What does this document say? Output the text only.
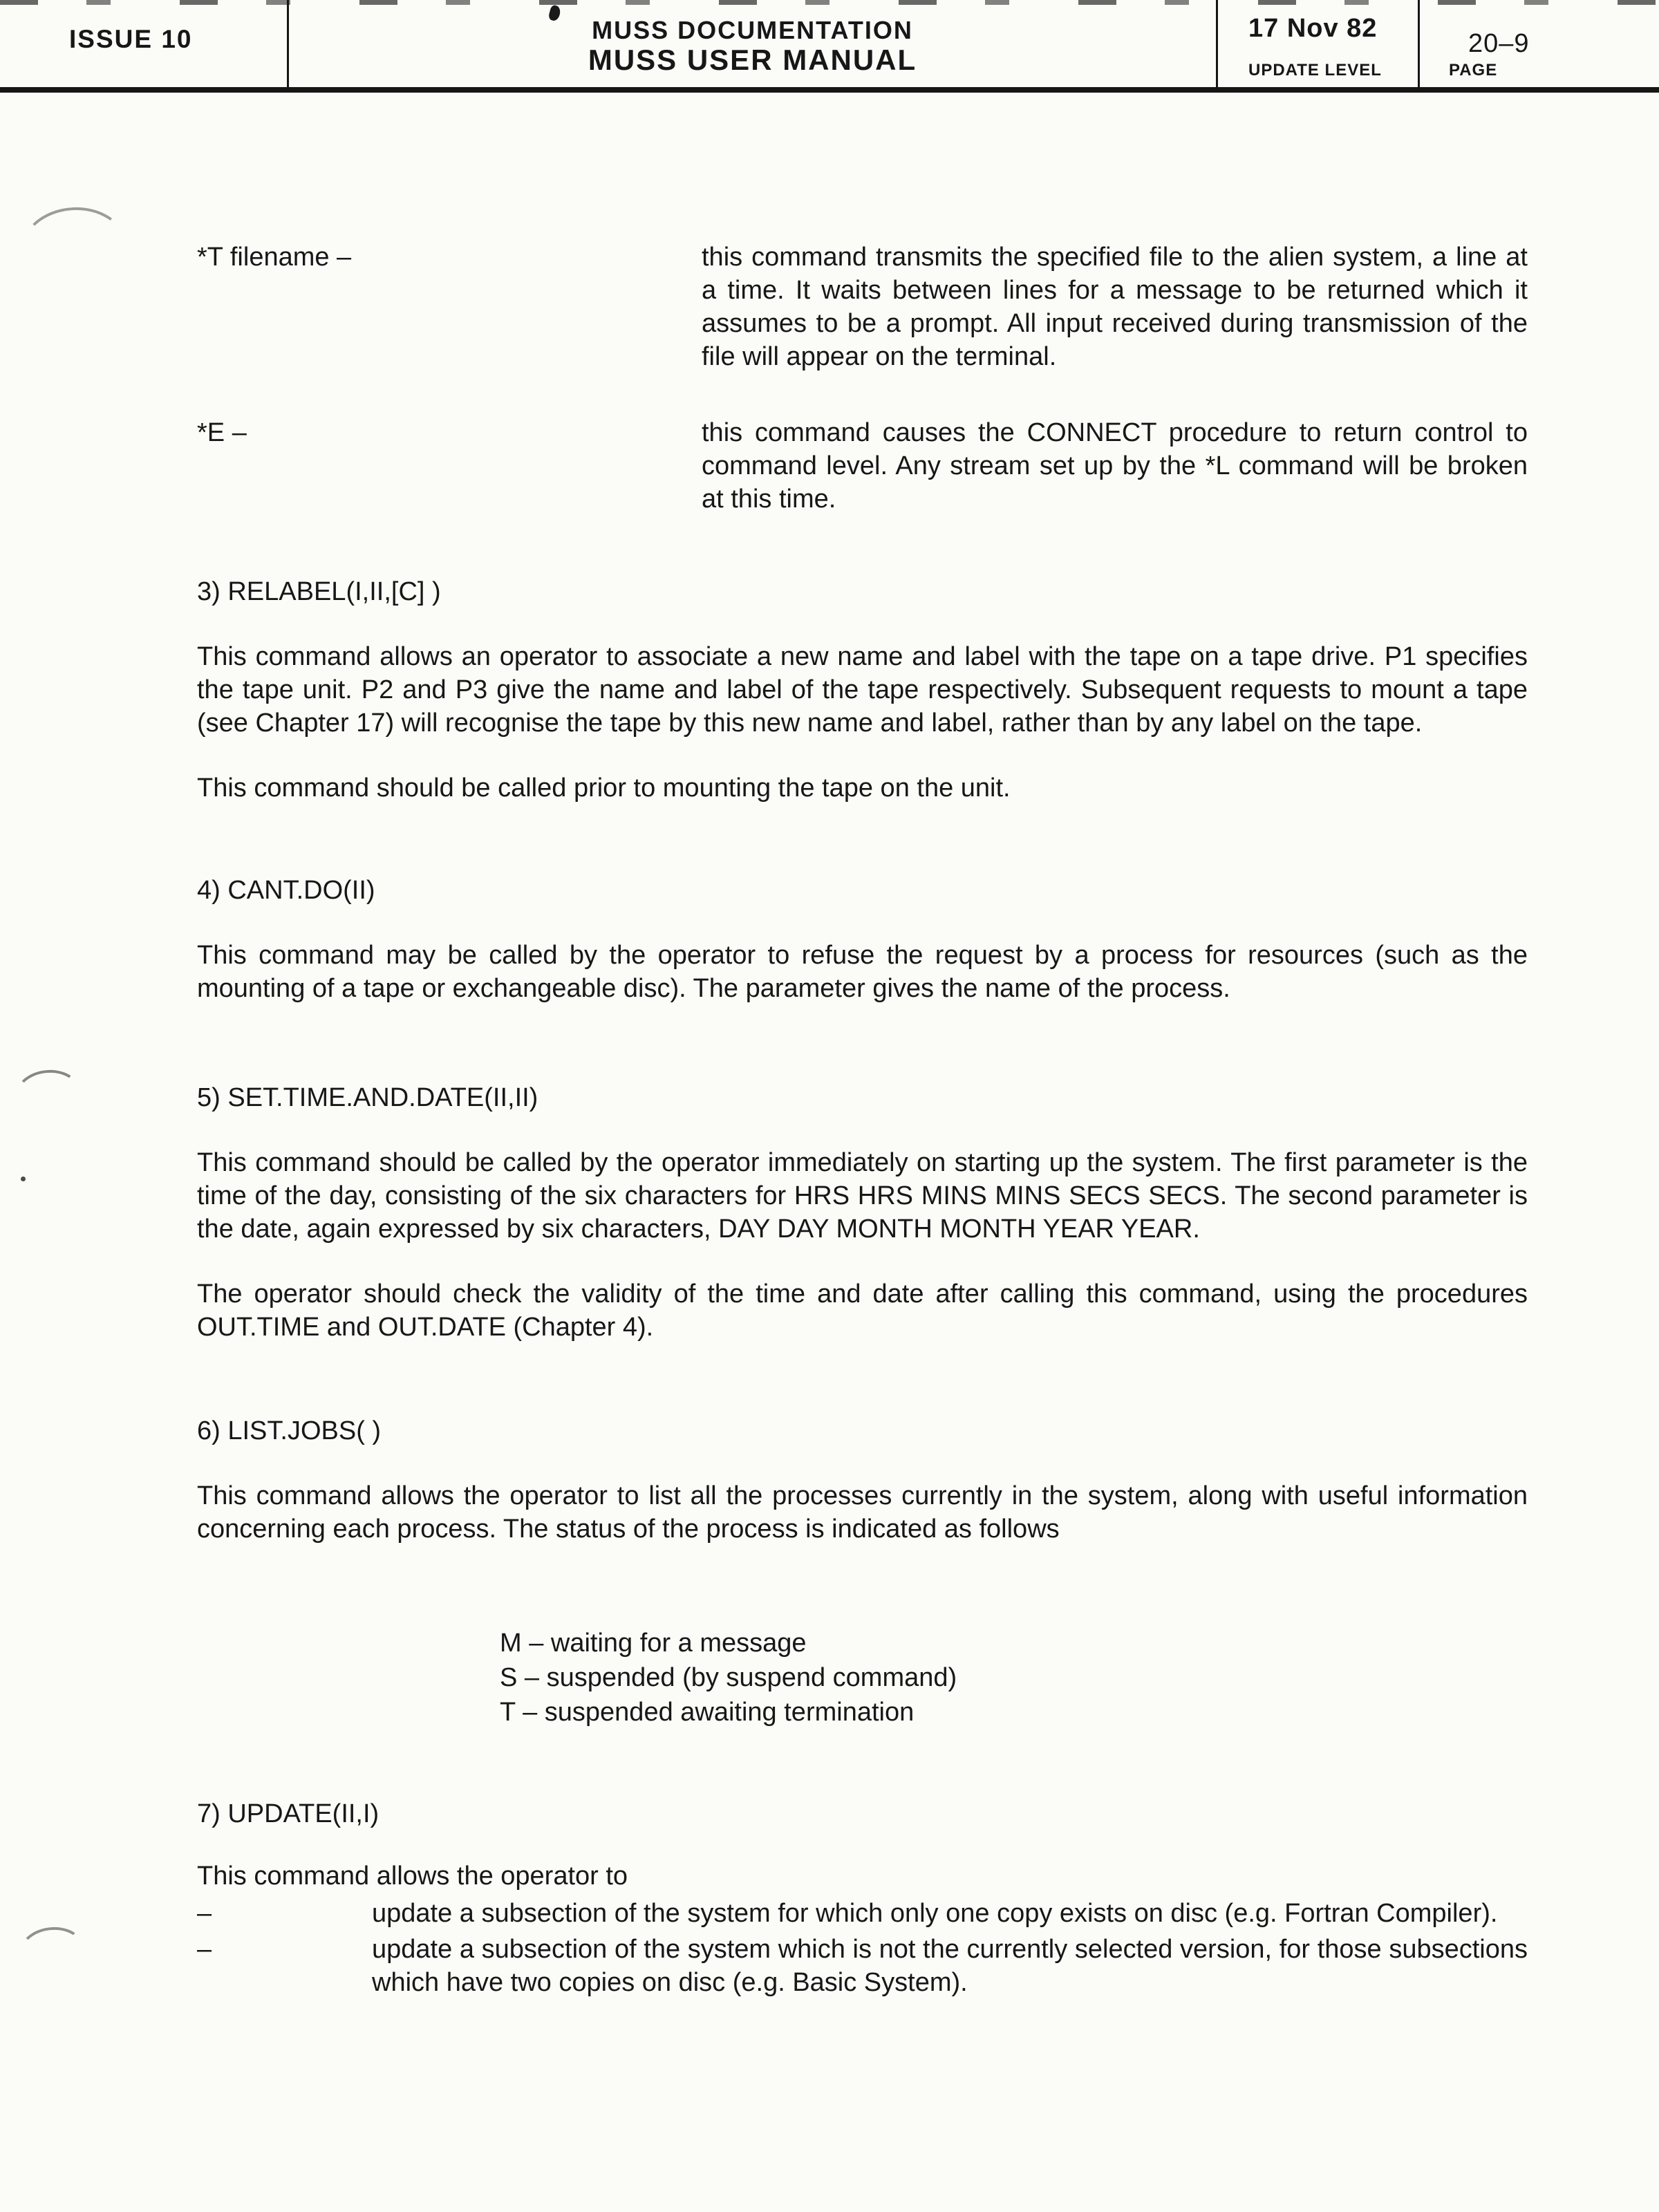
ISSUE 10	MUSS DOCUMENTATION
MUSS USER MANUAL
17 Nov 82
UPDATE LEVEL
20–9
PAGE
*T filename –	this command transmits the specified file to the alien system, a line at a time. It waits between lines for a message to be returned which it assumes to be a prompt. All input received during transmission of the file will appear on the terminal.
*E –	this command causes the CONNECT procedure to return control to command level. Any stream set up by the *L command will be broken at this time.
3) RELABEL(I,II,[C] )
This command allows an operator to associate a new name and label with the tape on a tape drive. P1 specifies the tape unit. P2 and P3 give the name and label of the tape respectively. Subsequent requests to mount a tape (see Chapter 17) will recognise the tape by this new name and label, rather than by any label on the tape.
This command should be called prior to mounting the tape on the unit.
4) CANT.DO(II)
This command may be called by the operator to refuse the request by a process for resources (such as the mounting of a tape or exchangeable disc). The parameter gives the name of the process.
5) SET.TIME.AND.DATE(II,II)
This command should be called by the operator immediately on starting up the system. The first parameter is the time of the day, consisting of the six characters for HRS HRS MINS MINS SECS SECS. The second parameter is the date, again expressed by six characters, DAY DAY MONTH MONTH YEAR YEAR.
The operator should check the validity of the time and date after calling this command, using the procedures OUT.TIME and OUT.DATE (Chapter 4).
6) LIST.JOBS( )
This command allows the operator to list all the processes currently in the system, along with useful information concerning each process. The status of the process is indicated as follows
M – waiting for a message
S – suspended (by suspend command)
T – suspended awaiting termination
7) UPDATE(II,I)
This command allows the operator to
–	update a subsection of the system for which only one copy exists on disc (e.g. Fortran Compiler).
–	update a subsection of the system which is not the currently selected version, for those subsections which have two copies on disc (e.g. Basic System).
